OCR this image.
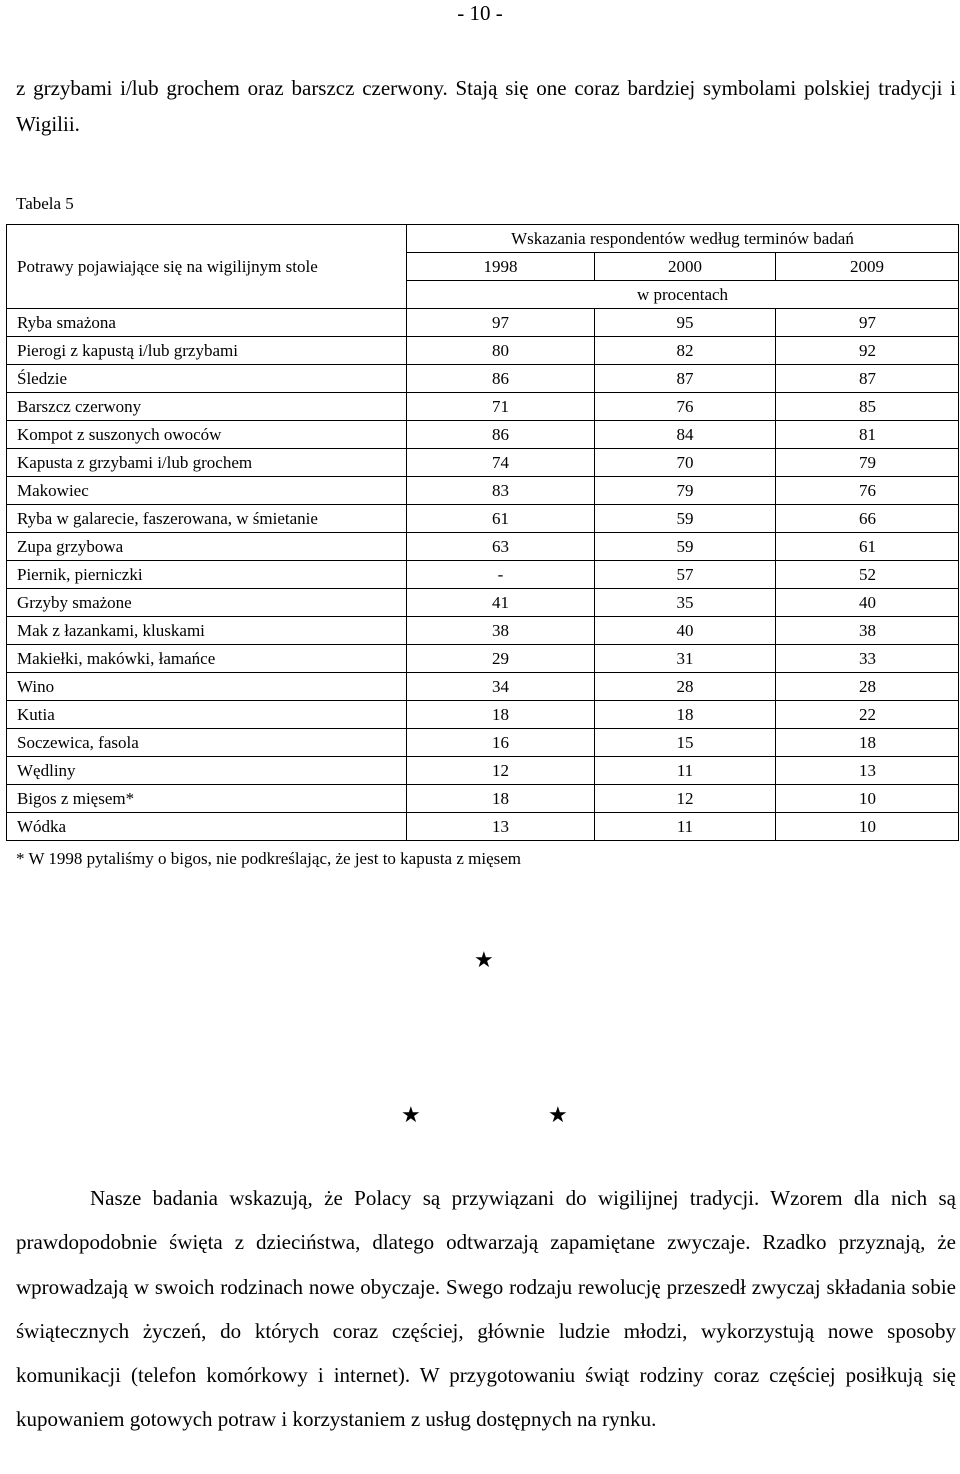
- 10 -
z grzybami i/lub grochem oraz barszcz czerwony. Stają się one coraz bardziej symbolami polskiej tradycji i Wigilii.
Tabela 5
Potrawy pojawiające się na wigilijnym stole	Wskazania respondentów według terminów badań		
	1998	2000	2009
	w procentach		
Ryba smażona	97	95	97
Pierogi z kapustą i/lub grzybami	80	82	92
Śledzie	86	87	87
Barszcz czerwony	71	76	85
Kompot z suszonych owoców	86	84	81
Kapusta z grzybami i/lub grochem	74	70	79
Makowiec	83	79	76
Ryba w galarecie, faszerowana, w śmietanie	61	59	66
Zupa grzybowa	63	59	61
Piernik, pierniczki	-	57	52
Grzyby smażone	41	35	40
Mak z łazankami, kluskami	38	40	38
Makiełki, makówki, łamańce	29	31	33
Wino	34	28	28
Kutia	18	18	22
Soczewica, fasola	16	15	18
Wędliny	12	11	13
Bigos z mięsem*	18	12	10
Wódka	13	11	10
* W 1998 pytaliśmy o bigos, nie podkreślając, że jest to kapusta z mięsem
★
★	★
Nasze badania wskazują, że Polacy są przywiązani do wigilijnej tradycji. Wzorem dla nich są prawdopodobnie święta z dzieciństwa, dlatego odtwarzają zapamiętane zwyczaje. Rzadko przyznają, że wprowadzają w swoich rodzinach nowe obyczaje. Swego rodzaju rewolucję przeszedł zwyczaj składania sobie świątecznych życzeń, do których coraz częściej, głównie ludzie młodzi, wykorzystują nowe sposoby komunikacji (telefon komórkowy i internet). W przygotowaniu świąt rodziny coraz częściej posiłkują się kupowaniem gotowych potraw i korzystaniem z usług dostępnych na rynku.
